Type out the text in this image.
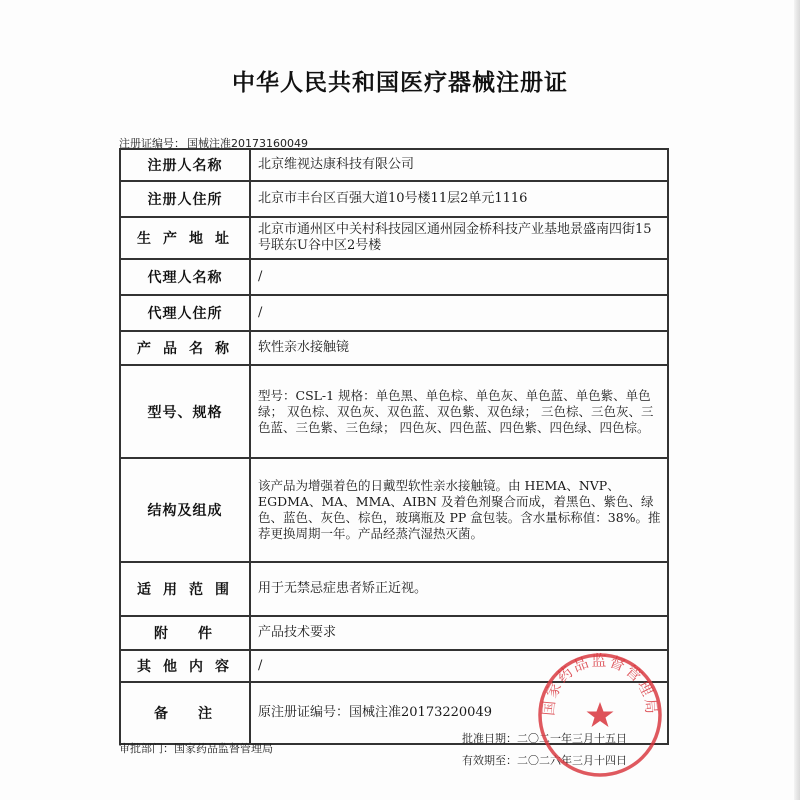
中华人民共和国医疗器械注册证
注册证编号： 国械注准20173160049
注册人名称	北京维视达康科技有限公司
注册人住所	北京市丰台区百强大道10号楼11层2单元1116
生产地址	北京市通州区中关村科技园区通州园金桥科技产业基地景盛南四街15号联东U谷中区2号楼
代理人名称	/
代理人住所	/
产品名称	软性亲水接触镜
型号、规格	型号：CSL-1 规格：单色黑、单色棕、单色灰、单色蓝、单色紫、单色绿； 双色棕、双色灰、双色蓝、双色紫、双色绿； 三色棕、三色灰、三色蓝、三色紫、三色绿； 四色灰、四色蓝、四色紫、四色绿、四色棕。
结构及组成	该产品为增强着色的日戴型软性亲水接触镜。由 HEMA、NVP、EGDMA、MA、MMA、AIBN 及着色剂聚合而成，着黑色、紫色、绿色、蓝色、灰色、棕色，玻璃瓶及 PP 盒包装。含水量标称值：38%。推荐更换周期一年。产品经蒸汽湿热灭菌。
适用范围	用于无禁忌症患者矫正近视。
附件	产品技术要求
其他内容	/
备注	原注册证编号：国械注准20173220049
审批部门：国家药品监督管理局
批准日期：二〇二一年三月十五日
有效期至：二〇二六年三月十四日
国家药品监督管理局
